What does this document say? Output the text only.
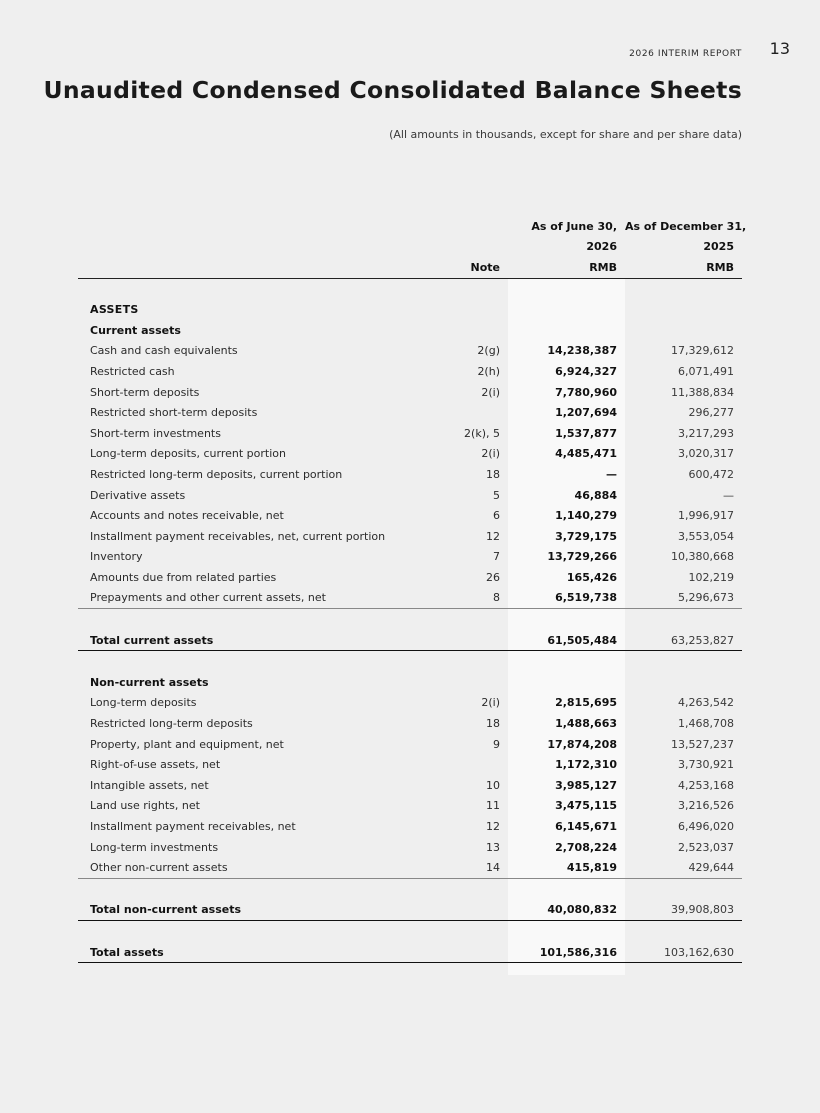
2026 INTERIM REPORT 13
Unaudited Condensed Consolidated Balance Sheets
(All amounts in thousands, except for share and per share data)
		As of June 30,	As of December 31,
		2026	2025
	Note	RMB	RMB

ASSETS			
Current assets			
Cash and cash equivalents	2(g)	14,238,387	17,329,612
Restricted cash	2(h)	6,924,327	6,071,491
Short-term deposits	2(i)	7,780,960	11,388,834
Restricted short-term deposits		1,207,694	296,277
Short-term investments	2(k), 5	1,537,877	3,217,293
Long-term deposits, current portion	2(i)	4,485,471	3,020,317
Restricted long-term deposits, current portion	18	—	600,472
Derivative assets	5	46,884	—
Accounts and notes receivable, net	6	1,140,279	1,996,917
Installment payment receivables, net, current portion	12	3,729,175	3,553,054
Inventory	7	13,729,266	10,380,668
Amounts due from related parties	26	165,426	102,219
Prepayments and other current assets, net	8	6,519,738	5,296,673

Total current assets		61,505,484	63,253,827

Non-current assets			
Long-term deposits	2(i)	2,815,695	4,263,542
Restricted long-term deposits	18	1,488,663	1,468,708
Property, plant and equipment, net	9	17,874,208	13,527,237
Right-of-use assets, net		1,172,310	3,730,921
Intangible assets, net	10	3,985,127	4,253,168
Land use rights, net	11	3,475,115	3,216,526
Installment payment receivables, net	12	6,145,671	6,496,020
Long-term investments	13	2,708,224	2,523,037
Other non-current assets	14	415,819	429,644

Total non-current assets		40,080,832	39,908,803

Total assets		101,586,316	103,162,630
